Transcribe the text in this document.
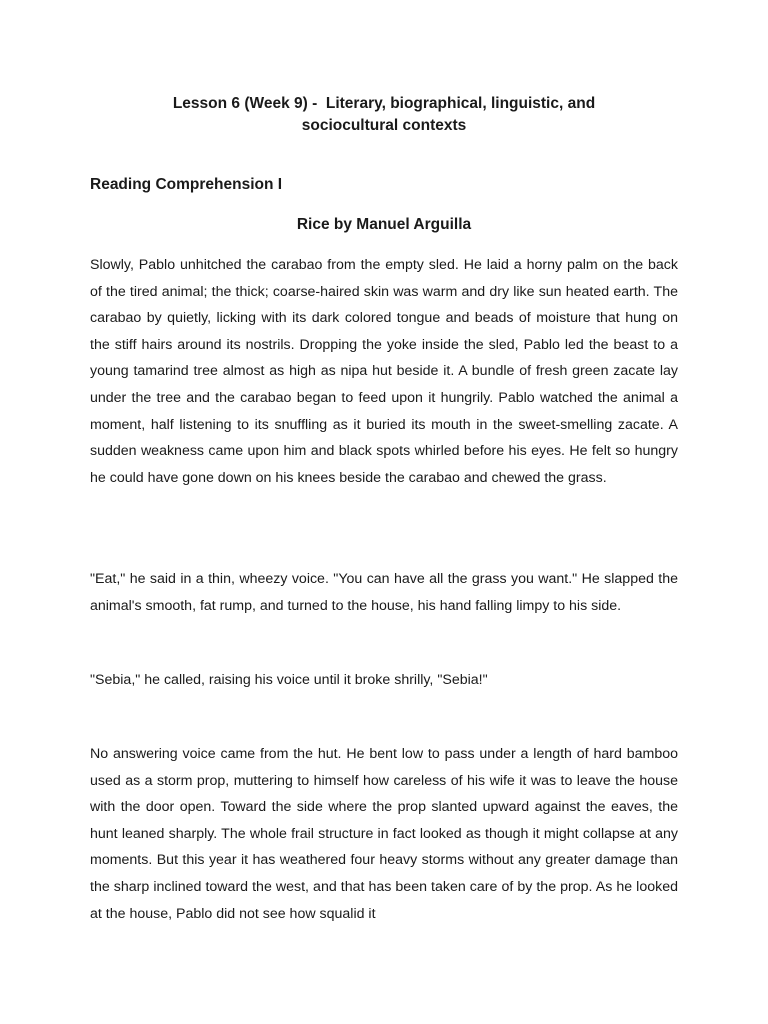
Lesson 6 (Week 9) -  Literary, biographical, linguistic, and
sociocultural contexts
Reading Comprehension I
Rice by Manuel Arguilla

Slowly, Pablo unhitched the carabao from the empty sled. He laid a horny palm on the back of the tired animal; the thick; coarse-haired skin was warm and dry like sun heated earth. The carabao by quietly, licking with its dark colored tongue and beads of moisture that hung on the stiff hairs around its nostrils. Dropping the yoke inside the sled, Pablo led the beast to a young tamarind tree almost as high as nipa hut beside it. A bundle of fresh green zacate lay under the tree and the carabao began to feed upon it hungrily. Pablo watched the animal a moment, half listening to its snuffling as it buried its mouth in the sweet-smelling zacate. A sudden weakness came upon him and black spots whirled before his eyes. He felt so hungry he could have gone down on his knees beside the carabao and chewed the grass.

"Eat," he said in a thin, wheezy voice. "You can have all the grass you want." He slapped the animal's smooth, fat rump, and turned to the house, his hand falling limpy to his side.

"Sebia," he called, raising his voice until it broke shrilly, "Sebia!"

No answering voice came from the hut. He bent low to pass under a length of hard bamboo used as a storm prop, muttering to himself how careless of his wife it was to leave the house with the door open. Toward the side where the prop slanted upward against the eaves, the hunt leaned sharply. The whole frail structure in fact looked as though it might collapse at any moments. But this year it has weathered four heavy storms without any greater damage than the sharp inclined toward the west, and that has been taken care of by the prop. As he looked at the house, Pablo did not see how squalid it
